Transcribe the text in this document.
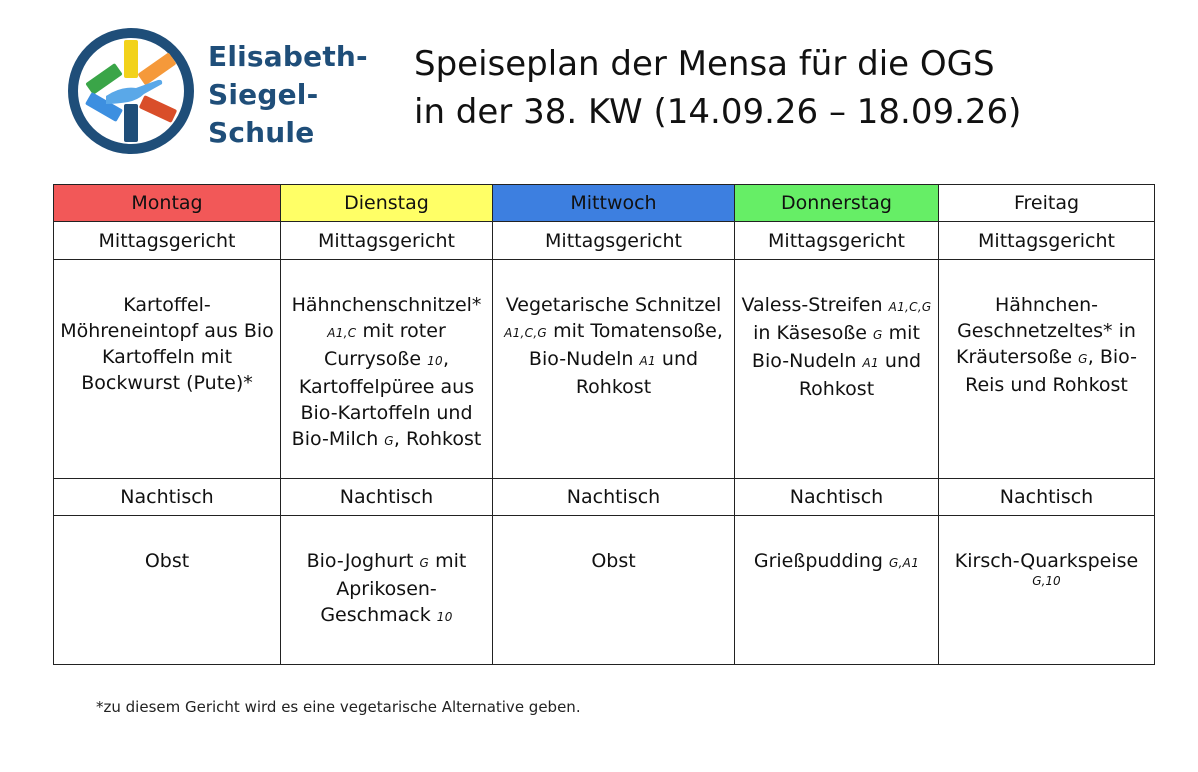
Elisabeth-
Siegel-
Schule
Speiseplan der Mensa für die OGS
in der 38. KW (14.09.26 – 18.09.26)
Montag	Dienstag	Mittwoch	Donnerstag	Freitag
Mittagsgericht	Mittagsgericht	Mittagsgericht	Mittagsgericht	Mittagsgericht
Kartoffel-Möhreneintopf aus Bio Kartoffeln mit Bockwurst (Pute)*	Hähnchenschnitzel* A1,C mit roter Currysoße 10, Kartoffelpüree aus Bio-Kartoffeln und Bio-Milch G, Rohkost	Vegetarische Schnitzel A1,C,G mit Tomatensoße, Bio-Nudeln A1 und Rohkost	Valess-Streifen A1,C,G in Käsesoße G mit Bio-Nudeln A1 und Rohkost	Hähnchen-Geschnetzeltes* in Kräutersoße G, Bio-Reis und Rohkost
Nachtisch	Nachtisch	Nachtisch	Nachtisch	Nachtisch
Obst	Bio-Joghurt G mit Aprikosen-Geschmack 10	Obst	Grießpudding G,A1	Kirsch-Quarkspeise
G,10
*zu diesem Gericht wird es eine vegetarische Alternative geben.
